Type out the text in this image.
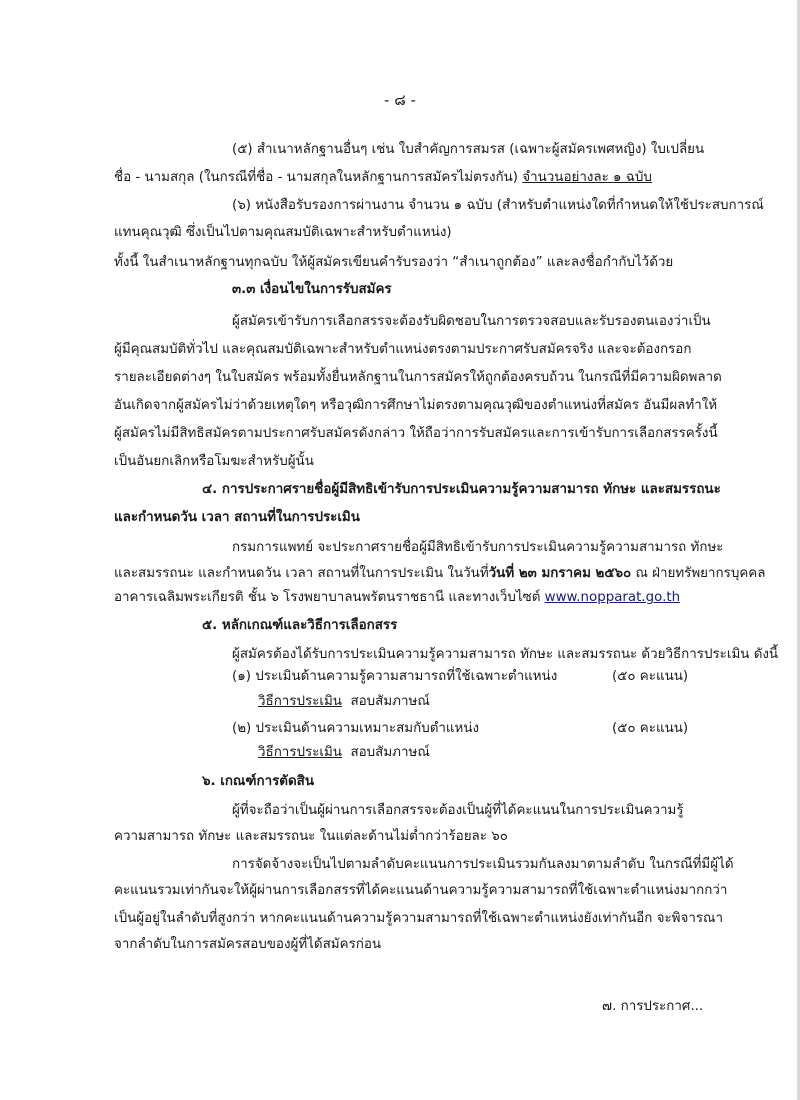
- ๘ -
(๕) สำเนาหลักฐานอื่นๆ เช่น ใบสำคัญการสมรส (เฉพาะผู้สมัครเพศหญิง) ใบเปลี่ยน
ชื่อ - นามสกุล (ในกรณีที่ชื่อ - นามสกุลในหลักฐานการสมัครไม่ตรงกัน) จำนวนอย่างละ ๑ ฉบับ
(๖) หนังสือรับรองการผ่านงาน จำนวน ๑ ฉบับ (สำหรับตำแหน่งใดที่กำหนดให้ใช้ประสบการณ์
แทนคุณวุฒิ ซึ่งเป็นไปตามคุณสมบัติเฉพาะสำหรับตำแหน่ง)
ทั้งนี้ ในสำเนาหลักฐานทุกฉบับ ให้ผู้สมัครเขียนคำรับรองว่า “สำเนาถูกต้อง” และลงชื่อกำกับไว้ด้วย
๓.๓ เงื่อนไขในการรับสมัคร
ผู้สมัครเข้ารับการเลือกสรรจะต้องรับผิดชอบในการตรวจสอบและรับรองตนเองว่าเป็น
ผู้มีคุณสมบัติทั่วไป และคุณสมบัติเฉพาะสำหรับตำแหน่งตรงตามประกาศรับสมัครจริง และจะต้องกรอก
รายละเอียดต่างๆ ในใบสมัคร พร้อมทั้งยื่นหลักฐานในการสมัครให้ถูกต้องครบถ้วน ในกรณีที่มีความผิดพลาด
อันเกิดจากผู้สมัครไม่ว่าด้วยเหตุใดๆ หรือวุฒิการศึกษาไม่ตรงตามคุณวุฒิของตำแหน่งที่สมัคร อันมีผลทำให้
ผู้สมัครไม่มีสิทธิสมัครตามประกาศรับสมัครดังกล่าว ให้ถือว่าการรับสมัครและการเข้ารับการเลือกสรรครั้งนี้
เป็นอันยกเลิกหรือโมฆะสำหรับผู้นั้น
๔. การประกาศรายชื่อผู้มีสิทธิเข้ารับการประเมินความรู้ความสามารถ ทักษะ และสมรรถนะ
และกำหนดวัน เวลา สถานที่ในการประเมิน
กรมการแพทย์ จะประกาศรายชื่อผู้มีสิทธิเข้ารับการประเมินความรู้ความสามารถ ทักษะ
และสมรรถนะ และกำหนดวัน เวลา สถานที่ในการประเมิน ในวันที่วันที่ ๒๓ มกราคม ๒๕๖๐ ณ ฝ่ายทรัพยากรบุคคล
อาคารเฉลิมพระเกียรติ ชั้น ๖ โรงพยาบาลนพรัตนราชธานี และทางเว็บไซต์ www.nopparat.go.th
๕. หลักเกณฑ์และวิธีการเลือกสรร
ผู้สมัครต้องได้รับการประเมินความรู้ความสามารถ ทักษะ และสมรรถนะ ด้วยวิธีการประเมิน ดังนี้
(๑) ประเมินด้านความรู้ความสามารถที่ใช้เฉพาะตำแหน่ง	(๕๐ คะแนน)
วิธีการประเมิน สอบสัมภาษณ์
(๒) ประเมินด้านความเหมาะสมกับตำแหน่ง	(๕๐ คะแนน)
วิธีการประเมิน สอบสัมภาษณ์
๖. เกณฑ์การตัดสิน
ผู้ที่จะถือว่าเป็นผู้ผ่านการเลือกสรรจะต้องเป็นผู้ที่ได้คะแนนในการประเมินความรู้
ความสามารถ ทักษะ และสมรรถนะ ในแต่ละด้านไม่ต่ำกว่าร้อยละ ๖๐
การจัดจ้างจะเป็นไปตามลำดับคะแนนการประเมินรวมกันลงมาตามลำดับ ในกรณีที่มีผู้ได้
คะแนนรวมเท่ากันจะให้ผู้ผ่านการเลือกสรรที่ได้คะแนนด้านความรู้ความสามารถที่ใช้เฉพาะตำแหน่งมากกว่า
เป็นผู้อยู่ในลำดับที่สูงกว่า หากคะแนนด้านความรู้ความสามารถที่ใช้เฉพาะตำแหน่งยังเท่ากันอีก จะพิจารณา
จากลำดับในการสมัครสอบของผู้ที่ได้สมัครก่อน
๗. การประกาศ...
